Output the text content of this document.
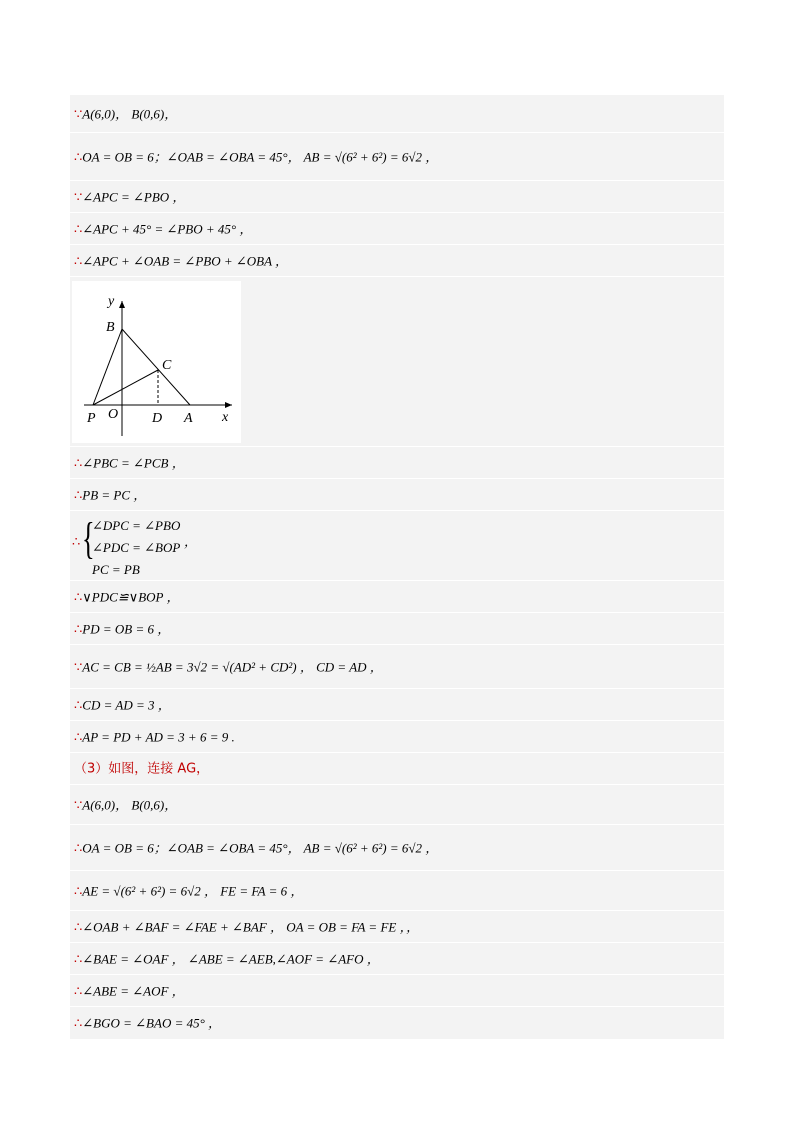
∵A(6,0)， B(0,6)，
∴OA = OB = 6；∠OAB = ∠OBA = 45°， AB = √(6² + 6²) = 6√2 ，
∵∠APC = ∠PBO ，
∴∠APC + 45° = ∠PBO + 45° ，
∴∠APC + ∠OAB = ∠PBO + ∠OBA ，
y
x
B
C
P O D A
∴∠PBC = ∠PCB ，
∴PB = PC ，
∴ {
∠DPC = ∠PBO
∠PDC = ∠BOP
PC = PB
，
∴∨PDC≌∨BOP ，
∴PD = OB = 6 ，
∵AC = CB = ½AB = 3√2 = √(AD² + CD²) ， CD = AD ，
∴CD = AD = 3 ，
∴AP = PD + AD = 3 + 6 = 9 .
（3）如图，连接 AG，
∵A(6,0)， B(0,6)，
∴OA = OB = 6；∠OAB = ∠OBA = 45°， AB = √(6² + 6²) = 6√2 ，
∴AE = √(6² + 6²) = 6√2 ， FE = FA = 6 ，
∴∠OAB + ∠BAF = ∠FAE + ∠BAF ， OA = OB = FA = FE ，，
∴∠BAE = ∠OAF ， ∠ABE = ∠AEB,∠AOF = ∠AFO ，
∴∠ABE = ∠AOF ，
∴∠BGO = ∠BAO = 45° ，
